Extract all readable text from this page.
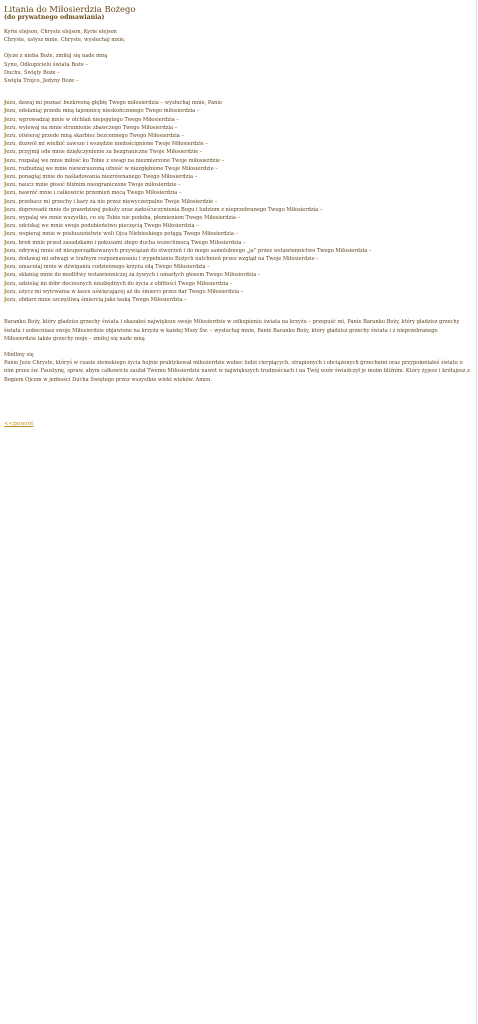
Litania do Miłosierdzia Bożego
(do prywatnego odmawiania)
Kyrie elejson, Chryste elejson, Kyrie elejson
Chryste, usłysz mnie, Chryste, wysłuchaj mnie,
Ojcze z nieba Boże, zmiłuj się nade mną
Synu, Odkupicielu świata Boże –
Duchu, Święty Boże –
Święta Trójco, Jedyny Boże –
Jezu, dawaj mi poznać bezkresną głębię Twego miłosierdzia – wysłuchaj mnie, Panie
Jezu, odsłaniaj przede mną tajemnicę nieskończonego Twego miłosierdzia –
Jezu, wprowadzaj mnie w otchłań niepojętego Twego Miłosierdzia –
Jezu, wylewaj na mnie strumienie zbawczego Twego Miłosierdzia –
Jezu, otwieraj przede mną skarbiec bezcennego Twego Miłosierdzia –
Jezu, dozwól mi wielbić zawsze i wszędzie niedoścignione Twoje Miłosierdzie –
Jezu, przyjmij ode mnie dziękczynienie za bezgraniczne Twoje Miłosierdzie –
Jezu, rozpalaj we mnie miłość ku Tobie z uwagi na niezmierzone Twoje miłosierdzie –
Jezu, rozbudzaj we mnie niewzruszoną ufność w niezgłębione Twoje Miłosierdzie –
Jezu, ponaglaj mnie do naśladowania niezrównanego Twego Miłosierdzia –
Jezu, naucz mnie głosić bliźnim nieograniczone Twoje miłosierdzie –
Jezu, nawróć mnie i całkowicie przemień mocą Twego Miłosierdzia –
Jezu, przebacz mi grzechy i kary za nie przez niewyczerpalne Twoje Miłosierdzie –
Jezu, doprowadź mnie do prawdziwej pokuty oraz zadośćuczynienia Bogu i ludziom z nieprzebranego Twego Miłosierdzia –
Jezu, wypalaj we mnie wszystko, co się Tobie nie podoba, płomieniem Twego Miłosierdzia –
Jezu, odciskaj we mnie swoje podobieństwo pieczęcią Twego Miłosierdzia –
Jezu, wspieraj mnie w posłuszeństwie woli Ojca Niebieskiego potęgą Twego Miłosierdzia –
Jezu, broń mnie przed zasadzkami i pokusami złego ducha wszechmocą Twego Miłosierdzia –
Jezu, odrywaj mnie od nieuporządkowanych przywiązań do stworzeń i do mego samolubnego „ja” przez wstawiennictwo Twego Miłosierdzia –
Jezu, dodawaj mi odwagi w trafnym rozpoznawaniu i wypełnianiu Bożych natchnień przez wzgląd na Twoje Miłosierdzie –
Jezu, umacniaj mnie w dźwiganiu codziennego krzyża siłą Twego Miłosierdzia –
Jezu, skłaniaj mnie do modlitwy wstawienniczej za żywych i umarłych głosem Twego Miłosierdzia –
Jezu, udzielaj mi dóbr doczesnych niezbędnych do życia z obfitości Twego Miłosierdzia –
Jezu, użycz mi wytrwania w łasce uświęcającej aż do śmierci przez dar Twego Miłosierdzia –
Jezu, obdarz mnie szczęśliwą śmiercią jako łaską Twego Miłosierdzia –
Baranku Boży, który gładzisz grzechy świata i okazałeś największe swoje Miłosierdzie w odkupieniu świata na krzyżu – przepuść mi, Panie Baranku Boży, który gładzisz grzechy świata i uobecniasz swoje Miłosierdzie objawione na krzyżu w każdej Mszy Św. – wysłuchaj mnie, Panie Baranku Boży, który gładzisz grzechy świata i z nieprzebranego Miłosierdzia także grzechy moje – zmiłuj się nade mną
Módlmy się
Panie Jezu Chryste, któryś w czasie ziemskiego życia hojnie praktykował miłosierdzie wobec ludzi cierpiących, strapionych i obciążonych grzechami oraz przypomniałeś światu o nim przez św. Faustynę, spraw, abym całkowicie zaufał Twemu Miłosierdziu nawet w największych trudnościach i na Twój wzór świadczył je moim bliźnim. Który żyjesz i królujesz z Bogiem Ojcem w jedności Ducha Świętego przez wszystkie wieki wieków. Amen.
<<powrót
